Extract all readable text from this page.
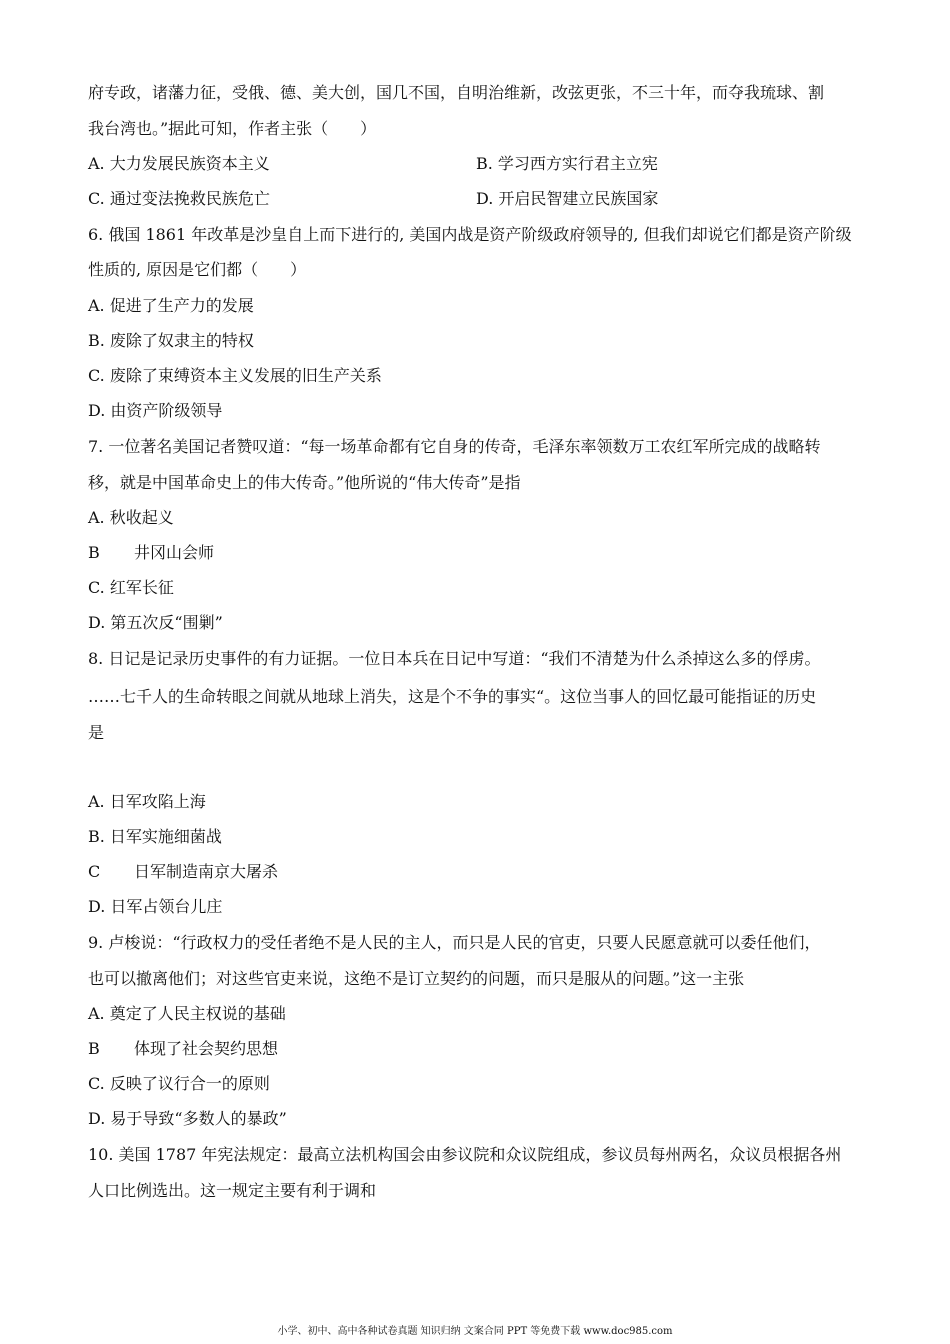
府专政，诸藩力征，受俄、德、美大创，国几不国，自明治维新，改弦更张，不三十年，而夺我琉球、割
我台湾也。”据此可知，作者主张（　　）
A. 大力发展民族资本主义	B. 学习西方实行君主立宪
C. 通过变法挽救民族危亡	D. 开启民智建立民族国家
6. 俄国 1861 年改革是沙皇自上而下进行的, 美国内战是资产阶级政府领导的, 但我们却说它们都是资产阶级
性质的, 原因是它们都（　　）
A. 促进了生产力的发展
B. 废除了奴隶主的特权
C. 废除了束缚资本主义发展的旧生产关系
D. 由资产阶级领导
7. 一位著名美国记者赞叹道：“每一场革命都有它自身的传奇，毛泽东率领数万工农红军所完成的战略转
移，就是中国革命史上的伟大传奇。”他所说的“伟大传奇”是指
A. 秋收起义
B 井冈山会师
C. 红军长征
D. 第五次反“围剿”
8. 日记是记录历史事件的有力证据。一位日本兵在日记中写道：“我们不清楚为什么杀掉这么多的俘虏。
……七千人的生命转眼之间就从地球上消失，这是个不争的事实“。这位当事人的回忆最可能指证的历史
是
A. 日军攻陷上海
B. 日军实施细菌战
C 日军制造南京大屠杀
D. 日军占领台儿庄
9. 卢梭说：“行政权力的受任者绝不是人民的主人，而只是人民的官吏，只要人民愿意就可以委任他们，
也可以撤离他们；对这些官吏来说，这绝不是订立契约的问题，而只是服从的问题。”这一主张
A. 奠定了人民主权说的基础
B 体现了社会契约思想
C. 反映了议行合一的原则
D. 易于导致“多数人的暴政”
10. 美国 1787 年宪法规定：最高立法机构国会由参议院和众议院组成，参议员每州两名，众议员根据各州
人口比例选出。这一规定主要有利于调和
小学、初中、高中各种试卷真题 知识归纳 文案合同 PPT 等免费下载 www.doc985.com
